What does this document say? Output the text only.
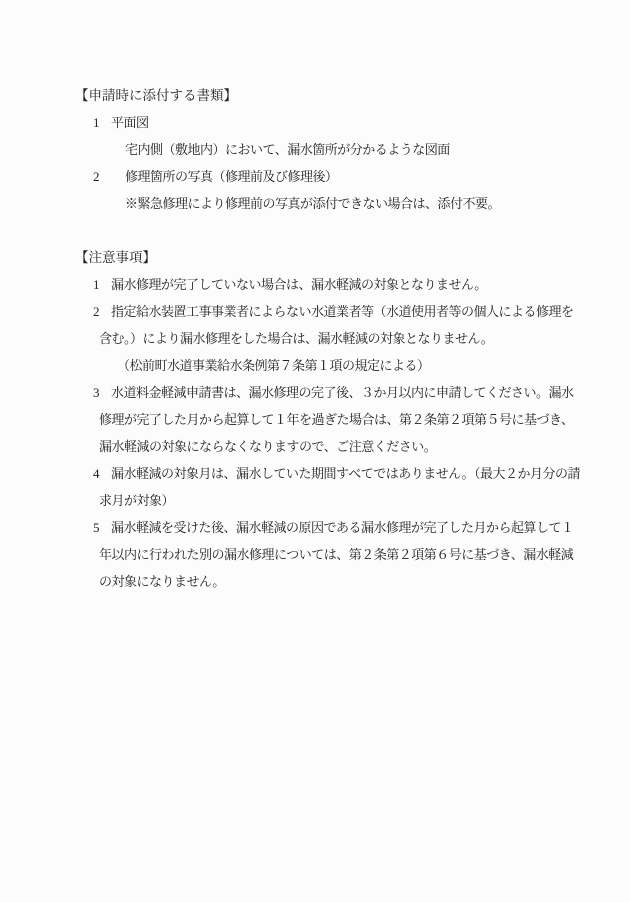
【申請時に添付する書類】
1 平面図
宅内側（敷地内）において、漏水箇所が分かるような図面
2 修理箇所の写真（修理前及び修理後）
※緊急修理により修理前の写真が添付できない場合は、添付不要。
【注意事項】
1 漏水修理が完了していない場合は、漏水軽減の対象となりません。
2 指定給水装置工事事業者によらない水道業者等（水道使用者等の個人による修理を
含む。）により漏水修理をした場合は、漏水軽減の対象となりません。
（松前町水道事業給水条例第７条第１項の規定による）
3 水道料金軽減申請書は、漏水修理の完了後、３か月以内に申請してください。漏水
修理が完了した月から起算して１年を過ぎた場合は、第２条第２項第５号に基づき、
漏水軽減の対象にならなくなりますので、ご注意ください。
4 漏水軽減の対象月は、漏水していた期間すべてではありません。（最大２か月分の請
求月が対象）
5 漏水軽減を受けた後、漏水軽減の原因である漏水修理が完了した月から起算して１
年以内に行われた別の漏水修理については、第２条第２項第６号に基づき、漏水軽減
の対象になりません。
